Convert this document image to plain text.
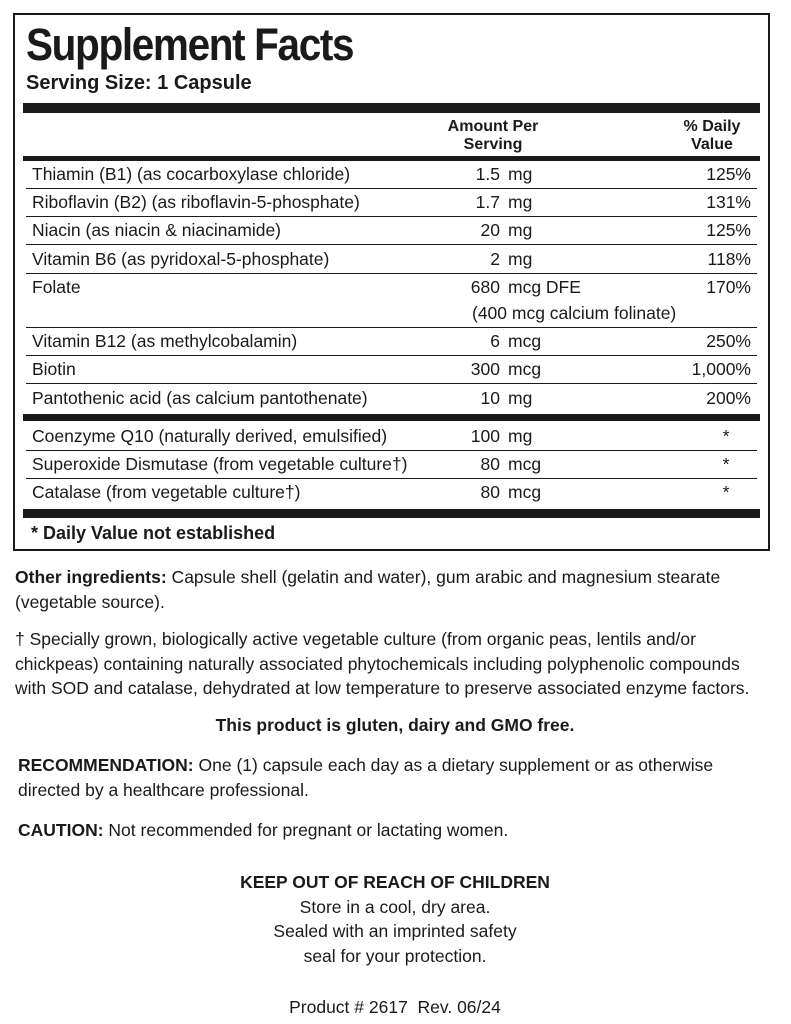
Supplement Facts
Serving Size: 1 Capsule
Amount Per
Serving
% Daily
Value
Thiamin (B1) (as cocarboxylase chloride)	1.5 mg	125%
Riboflavin (B2) (as riboflavin-5-phosphate)	1.7 mg	131%
Niacin (as niacin & niacinamide)	20 mg	125%
Vitamin B6 (as pyridoxal-5-phosphate)	2 mg	118%
Folate	680 mcg DFE	170%
(400 mcg calcium folinate)
Vitamin B12 (as methylcobalamin)	6 mcg	250%
Biotin	300 mcg	1,000%
Pantothenic acid (as calcium pantothenate)	10 mg	200%
Coenzyme Q10 (naturally derived, emulsified)	100 mg	*
Superoxide Dismutase (from vegetable culture†)	80 mcg	*
Catalase (from vegetable culture†)	80 mcg	*
* Daily Value not established
Other ingredients: Capsule shell (gelatin and water), gum arabic and magnesium stearate (vegetable source).
† Specially grown, biologically active vegetable culture (from organic peas, lentils and/or chickpeas) containing naturally associated phytochemicals including polyphenolic compounds with SOD and catalase, dehydrated at low temperature to preserve associated enzyme factors.
This product is gluten, dairy and GMO free.
RECOMMENDATION: One (1) capsule each day as a dietary supplement or as otherwise directed by a healthcare professional.
CAUTION: Not recommended for pregnant or lactating women.
KEEP OUT OF REACH OF CHILDREN
Store in a cool, dry area.
Sealed with an imprinted safety
seal for your protection.
Product # 2617  Rev. 06/24
